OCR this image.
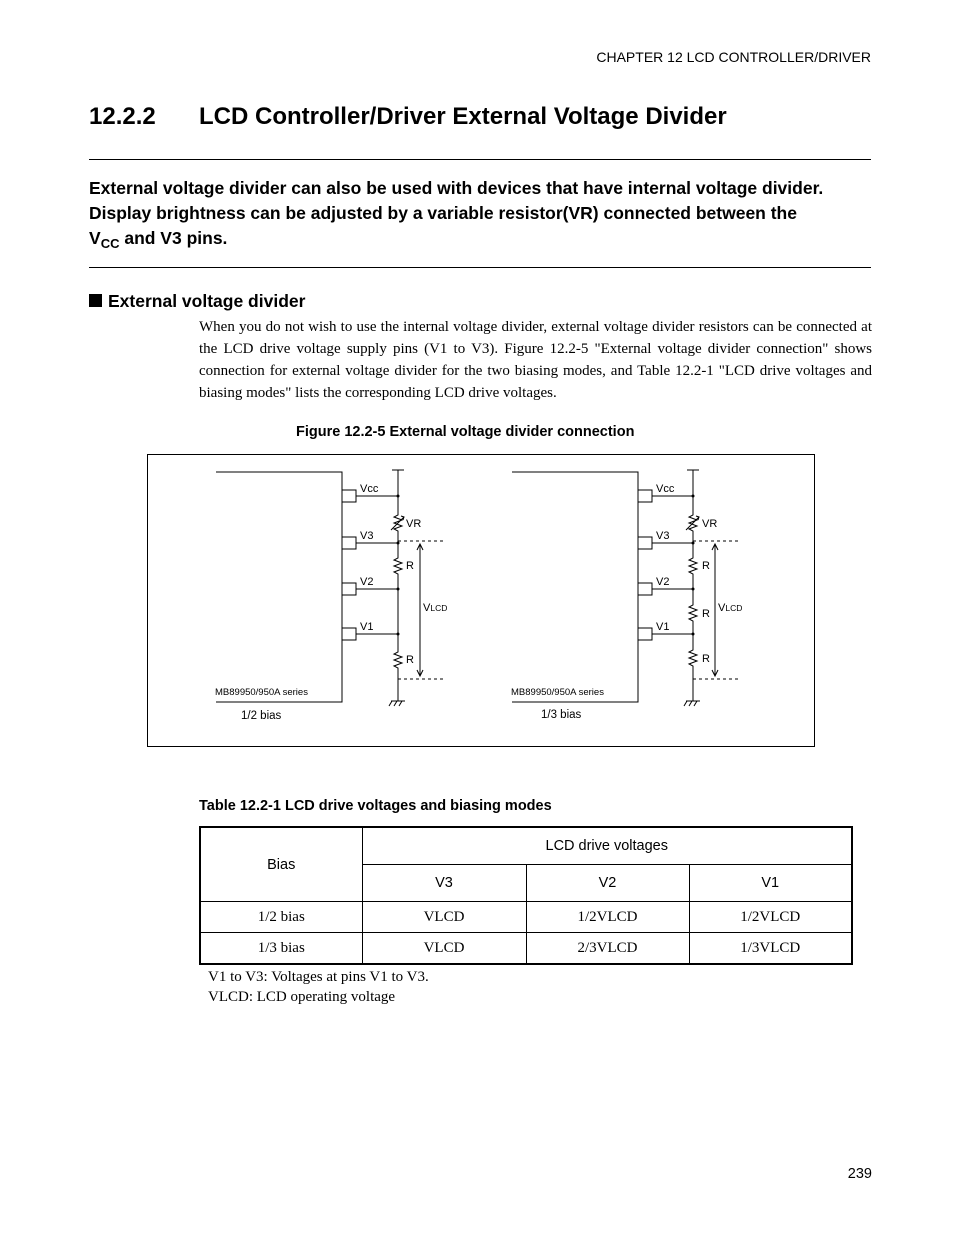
CHAPTER 12 LCD CONTROLLER/DRIVER
12.2.2 LCD Controller/Driver External Voltage Divider

External voltage divider can also be used with devices that have internal voltage divider.
Display brightness can be adjusted by a variable resistor(VR) connected between the
$V_{CC}$ and V3 pins.

External voltage divider

When you do not wish to use the internal voltage divider, external voltage divider resistors can be connected at the LCD drive voltage supply pins (V1 to V3). Figure 12.2-5 "External voltage divider connection" shows connection for external voltage divider for the two biasing modes, and Table 12.2-1 "LCD drive voltages and biasing modes" lists the corresponding LCD drive voltages.

Figure 12.2-5 External voltage divider connection
Vcc
V3
V2
V1
VR
R
R
VLCD
MB89950/950A series
1/2 bias
Vcc
V3
V2
V1
VR
R
R
R
VLCD
MB89950/950A series
1/3 bias
Table 12.2-1 LCD drive voltages and biasing modes
Bias	LCD drive voltages		
	V3	V2	V1
1/2 bias	VLCD	1/2VLCD	1/2VLCD
1/3 bias	VLCD	2/3VLCD	1/3VLCD
V1 to V3: Voltages at pins V1 to V3.
VLCD: LCD operating voltage
239
